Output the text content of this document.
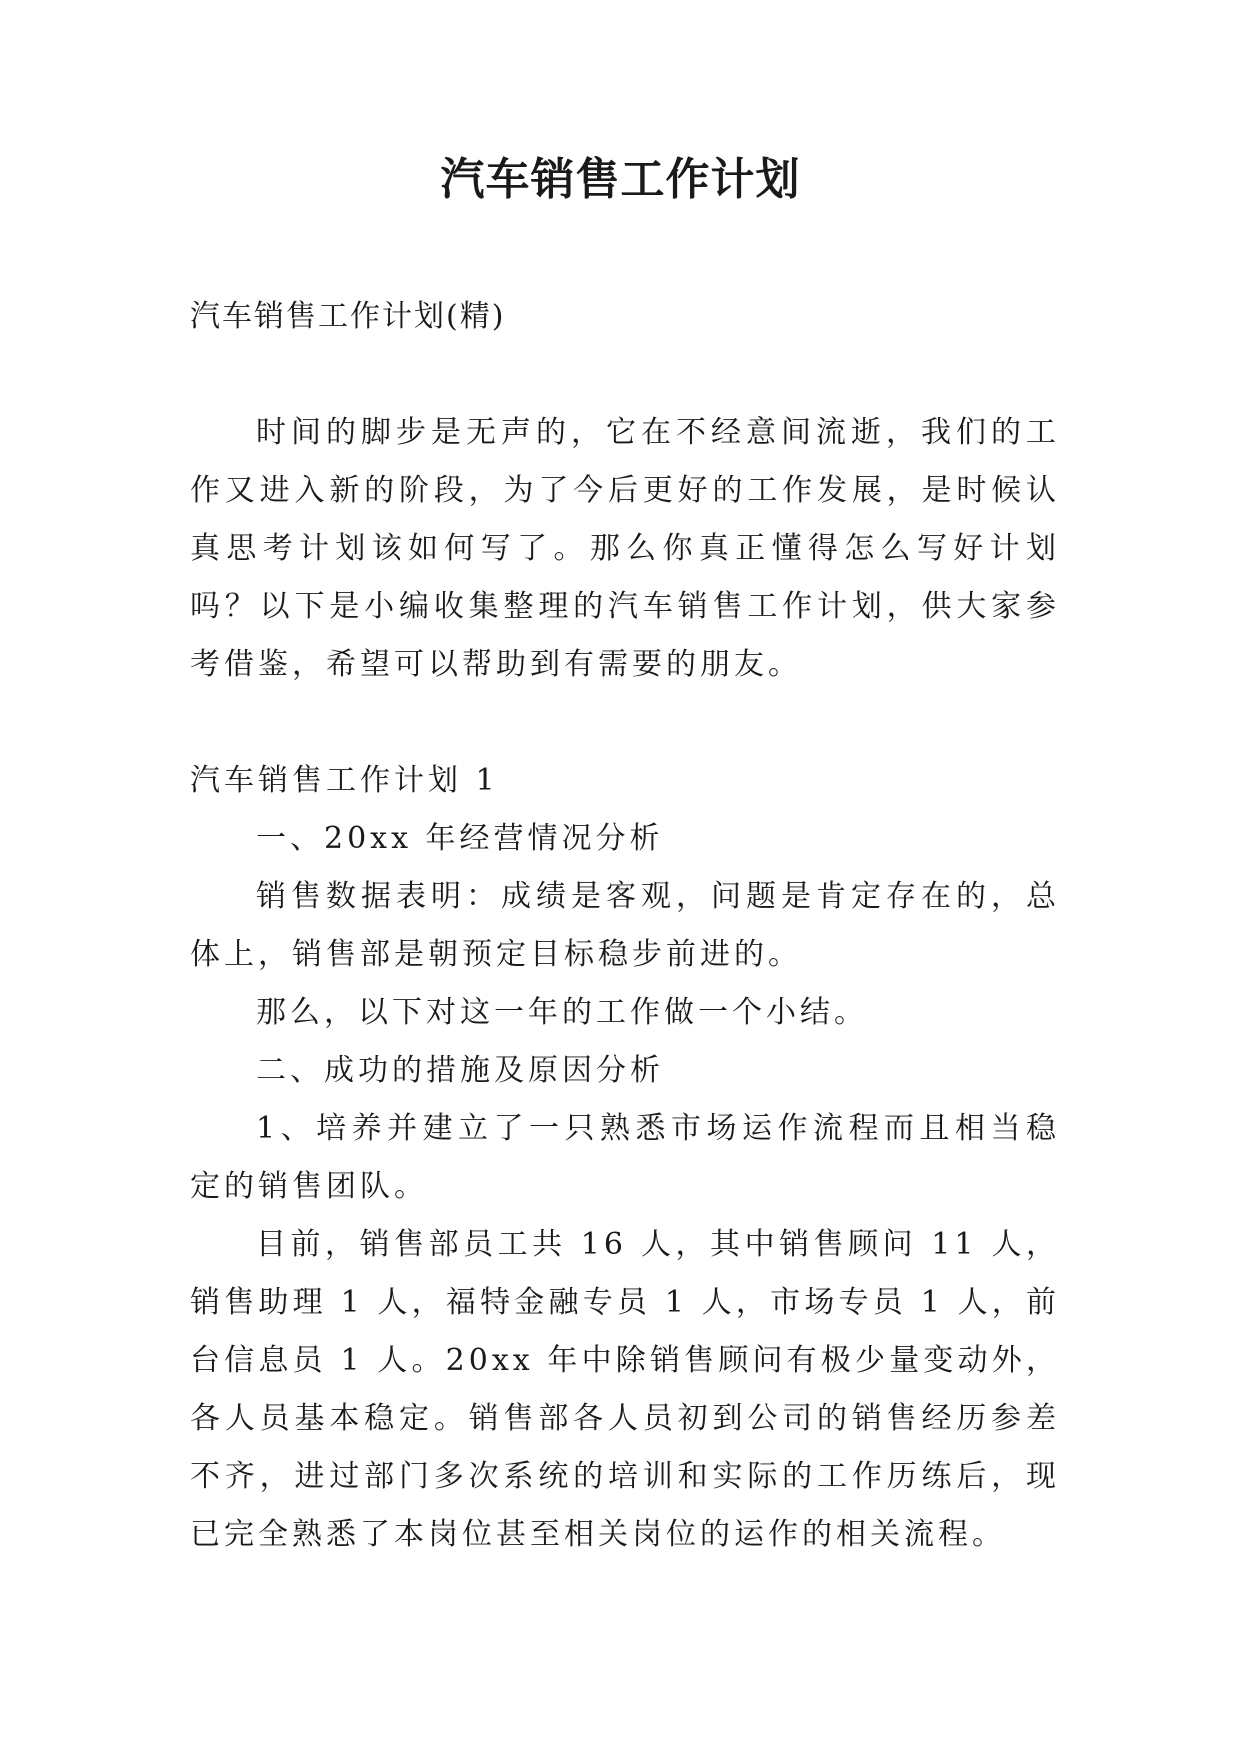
汽车销售工作计划

汽车销售工作计划(精)

时间的脚步是无声的，它在不经意间流逝，我们的工作又进入新的阶段，为了今后更好的工作发展，是时候认真思考计划该如何写了。那么你真正懂得怎么写好计划吗？以下是小编收集整理的汽车销售工作计划，供大家参考借鉴，希望可以帮助到有需要的朋友。

汽车销售工作计划 1

一、20xx 年经营情况分析

销售数据表明：成绩是客观，问题是肯定存在的，总体上，销售部是朝预定目标稳步前进的。

那么，以下对这一年的工作做一个小结。

二、成功的措施及原因分析

1、培养并建立了一只熟悉市场运作流程而且相当稳定的销售团队。

目前，销售部员工共 16 人，其中销售顾问 11 人，销售助理 1 人，福特金融专员 1 人，市场专员 1 人，前台信息员 1 人。20xx 年中除销售顾问有极少量变动外，各人员基本稳定。销售部各人员初到公司的销售经历参差不齐，进过部门多次系统的培训和实际的工作历练后，现已完全熟悉了本岗位甚至相关岗位的运作的相关流程。
